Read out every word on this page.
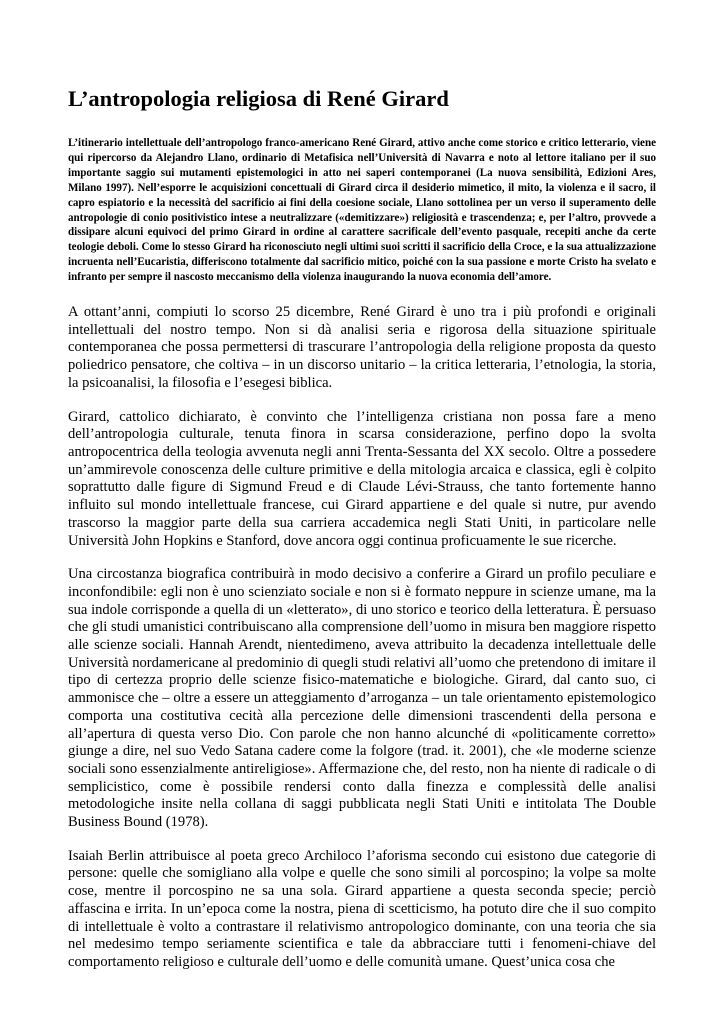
L’antropologia religiosa di René Girard

L’itinerario intellettuale dell’antropologo franco-americano René Girard, attivo anche come storico e critico letterario, viene qui ripercorso da Alejandro Llano, ordinario di Metafisica nell’Università di Navarra e noto al lettore italiano per il suo importante saggio sui mutamenti epistemologici in atto nei saperi contemporanei (La nuova sensibilità, Edizioni Ares, Milano 1997). Nell’esporre le acquisizioni concettuali di Girard circa il desiderio mimetico, il mito, la violenza e il sacro, il capro espiatorio e la necessità del sacrificio ai fini della coesione sociale, Llano sottolinea per un verso il superamento delle antropologie di conio positivistico intese a neutralizzare («demitizzare») religiosità e trascendenza; e, per l’altro, provvede a dissipare alcuni equivoci del primo Girard in ordine al carattere sacrificale dell’evento pasquale, recepiti anche da certe teologie deboli. Come lo stesso Girard ha riconosciuto negli ultimi suoi scritti il sacrificio della Croce, e la sua attualizzazione incruenta nell’Eucaristia, differiscono totalmente dal sacrificio mitico, poiché con la sua passione e morte Cristo ha svelato e infranto per sempre il nascosto meccanismo della violenza inaugurando la nuova economia dell’amore.

A ottant’anni, compiuti lo scorso 25 dicembre, René Girard è uno tra i più profondi e originali intellettuali del nostro tempo. Non si dà analisi seria e rigorosa della situazione spirituale contemporanea che possa permettersi di trascurare l’antropologia della religione proposta da questo poliedrico pensatore, che coltiva – in un discorso unitario – la critica letteraria, l’etnologia, la storia, la psicoanalisi, la filosofia e l’esegesi biblica.

Girard, cattolico dichiarato, è convinto che l’intelligenza cristiana non possa fare a meno dell’antropologia culturale, tenuta finora in scarsa considerazione, perfino dopo la svolta antropocentrica della teologia avvenuta negli anni Trenta-Sessanta del XX secolo. Oltre a possedere un’ammirevole conoscenza delle culture primitive e della mitologia arcaica e classica, egli è colpito soprattutto dalle figure di Sigmund Freud e di Claude Lévi-Strauss, che tanto fortemente hanno influito sul mondo intellettuale francese, cui Girard appartiene e del quale si nutre, pur avendo trascorso la maggior parte della sua carriera accademica negli Stati Uniti, in particolare nelle Università John Hopkins e Stanford, dove ancora oggi continua proficuamente le sue ricerche.

Una circostanza biografica contribuirà in modo decisivo a conferire a Girard un profilo peculiare e inconfondibile: egli non è uno scienziato sociale e non si è formato neppure in scienze umane, ma la sua indole corrisponde a quella di un «letterato», di uno storico e teorico della letteratura. È persuaso che gli studi umanistici contribuiscano alla comprensione dell’uomo in misura ben maggiore rispetto alle scienze sociali. Hannah Arendt, nientedimeno, aveva attribuito la decadenza intellettuale delle Università nordamericane al predominio di quegli studi relativi all’uomo che pretendono di imitare il tipo di certezza proprio delle scienze fisico-matematiche e biologiche. Girard, dal canto suo, ci ammonisce che – oltre a essere un atteggiamento d’arroganza – un tale orientamento epistemologico comporta una costitutiva cecità alla percezione delle dimensioni trascendenti della persona e all’apertura di questa verso Dio. Con parole che non hanno alcunché di «politicamente corretto» giunge a dire, nel suo Vedo Satana cadere come la folgore (trad. it. 2001), che «le moderne scienze sociali sono essenzialmente antireligiose». Affermazione che, del resto, non ha niente di radicale o di semplicistico, come è possibile rendersi conto dalla finezza e complessità delle analisi metodologiche insite nella collana di saggi pubblicata negli Stati Uniti e intitolata The Double Business Bound (1978).

Isaiah Berlin attribuisce al poeta greco Archiloco l’aforisma secondo cui esistono due categorie di persone: quelle che somigliano alla volpe e quelle che sono simili al porcospino; la volpe sa molte cose, mentre il porcospino ne sa una sola. Girard appartiene a questa seconda specie; perciò affascina e irrita. In un’epoca come la nostra, piena di scetticismo, ha potuto dire che il suo compito di intellettuale è volto a contrastare il relativismo antropologico dominante, con una teoria che sia nel medesimo tempo seriamente scientifica e tale da abbracciare tutti i fenomeni-chiave del comportamento religioso e culturale dell’uomo e delle comunità umane. Quest’unica cosa che
